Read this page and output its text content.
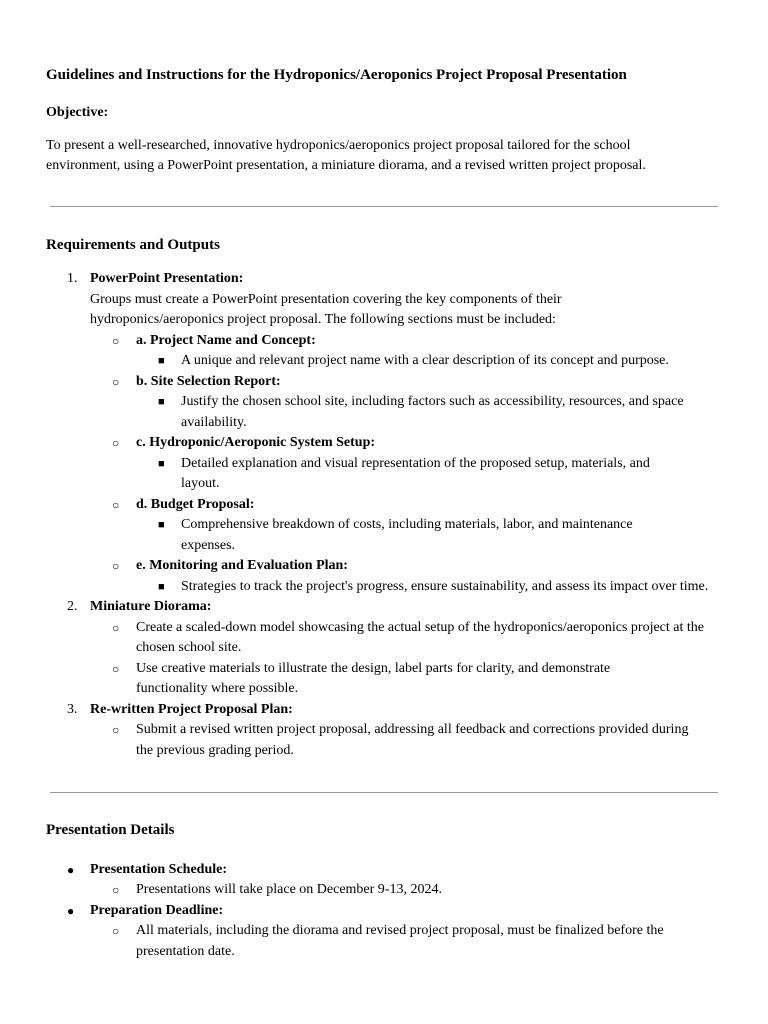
Guidelines and Instructions for the Hydroponics/Aeroponics Project Proposal Presentation
Objective:
To present a well-researched, innovative hydroponics/aeroponics project proposal tailored for the school environment, using a PowerPoint presentation, a miniature diorama, and a revised written project proposal.
Requirements and Outputs
1. PowerPoint Presentation:
Groups must create a PowerPoint presentation covering the key components of their hydroponics/aeroponics project proposal. The following sections must be included:
○ a. Project Name and Concept:
■ A unique and relevant project name with a clear description of its concept and purpose.
○ b. Site Selection Report:
■ Justify the chosen school site, including factors such as accessibility, resources, and space availability.
○ c. Hydroponic/Aeroponic System Setup:
■ Detailed explanation and visual representation of the proposed setup, materials, and layout.
○ d. Budget Proposal:
■ Comprehensive breakdown of costs, including materials, labor, and maintenance expenses.
○ e. Monitoring and Evaluation Plan:
■ Strategies to track the project's progress, ensure sustainability, and assess its impact over time.
2. Miniature Diorama:
○ Create a scaled-down model showcasing the actual setup of the hydroponics/aeroponics project at the chosen school site.
○ Use creative materials to illustrate the design, label parts for clarity, and demonstrate functionality where possible.
3. Re-written Project Proposal Plan:
○ Submit a revised written project proposal, addressing all feedback and corrections provided during the previous grading period.
Presentation Details
● Presentation Schedule:
○ Presentations will take place on December 9-13, 2024.
● Preparation Deadline:
○ All materials, including the diorama and revised project proposal, must be finalized before the presentation date.
